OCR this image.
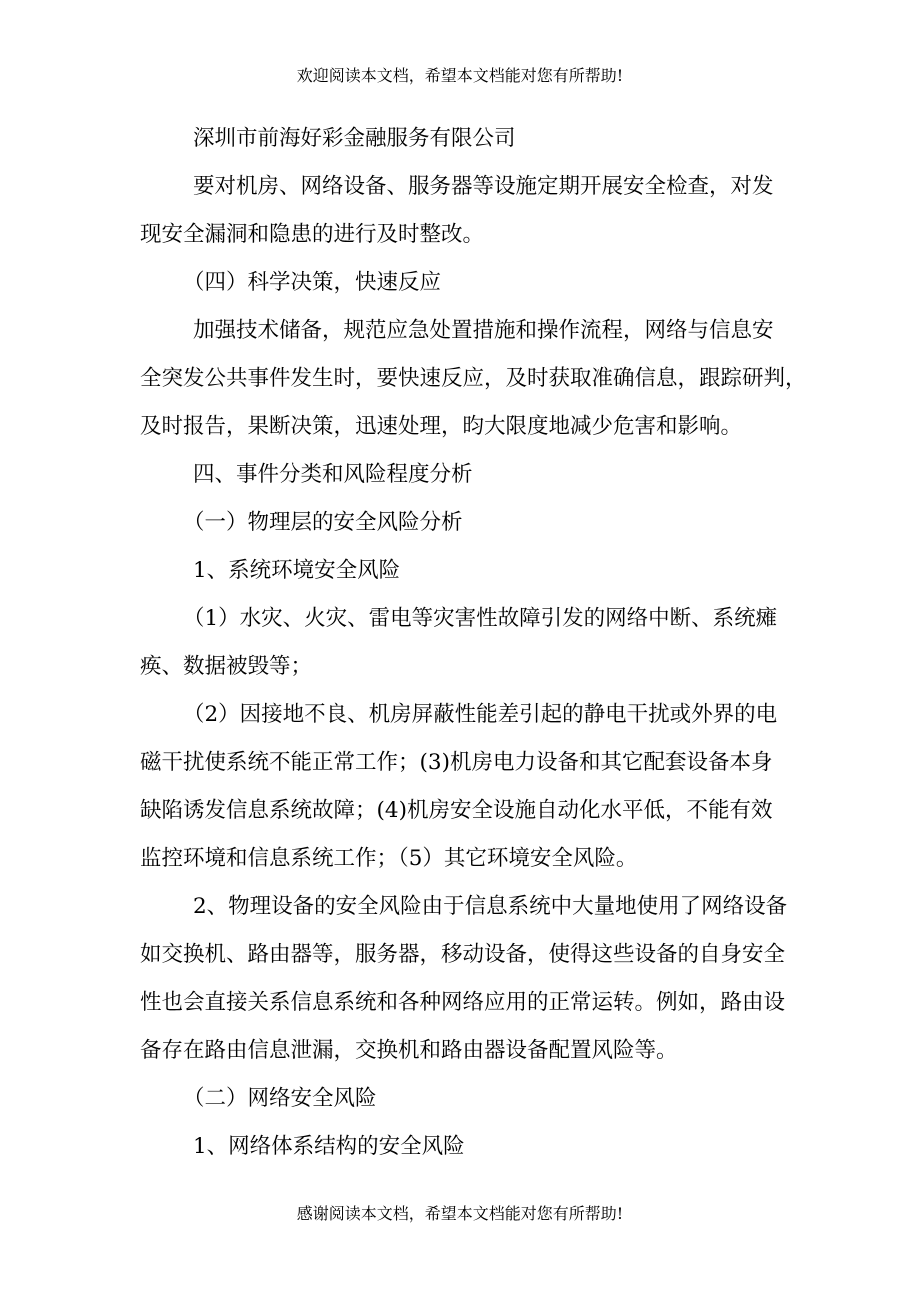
欢迎阅读本文档，希望本文档能对您有所帮助!
深圳市前海好彩金融服务有限公司
要对机房、网络设备、服务器等设施定期开展安全检查，对发
现安全漏洞和隐患的进行及时整改。
（四）科学决策，快速反应
加强技术储备，规范应急处置措施和操作流程，网络与信息安
全突发公共事件发生时，要快速反应，及时获取准确信息，跟踪研判，
及时报告，果断决策，迅速处理，昀大限度地减少危害和影响。
四、事件分类和风险程度分析
（一）物理层的安全风险分析
1、系统环境安全风险
（1）水灾、火灾、雷电等灾害性故障引发的网络中断、系统瘫
痪、数据被毁等；
（2）因接地不良、机房屏蔽性能差引起的静电干扰或外界的电
磁干扰使系统不能正常工作；(3)机房电力设备和其它配套设备本身
缺陷诱发信息系统故障；(4)机房安全设施自动化水平低，不能有效
监控环境和信息系统工作；（5）其它环境安全风险。
2、物理设备的安全风险由于信息系统中大量地使用了网络设备
如交换机、路由器等，服务器，移动设备，使得这些设备的自身安全
性也会直接关系信息系统和各种网络应用的正常运转。例如，路由设
备存在路由信息泄漏，交换机和路由器设备配置风险等。
（二）网络安全风险
1、网络体系结构的安全风险
感谢阅读本文档，希望本文档能对您有所帮助!
